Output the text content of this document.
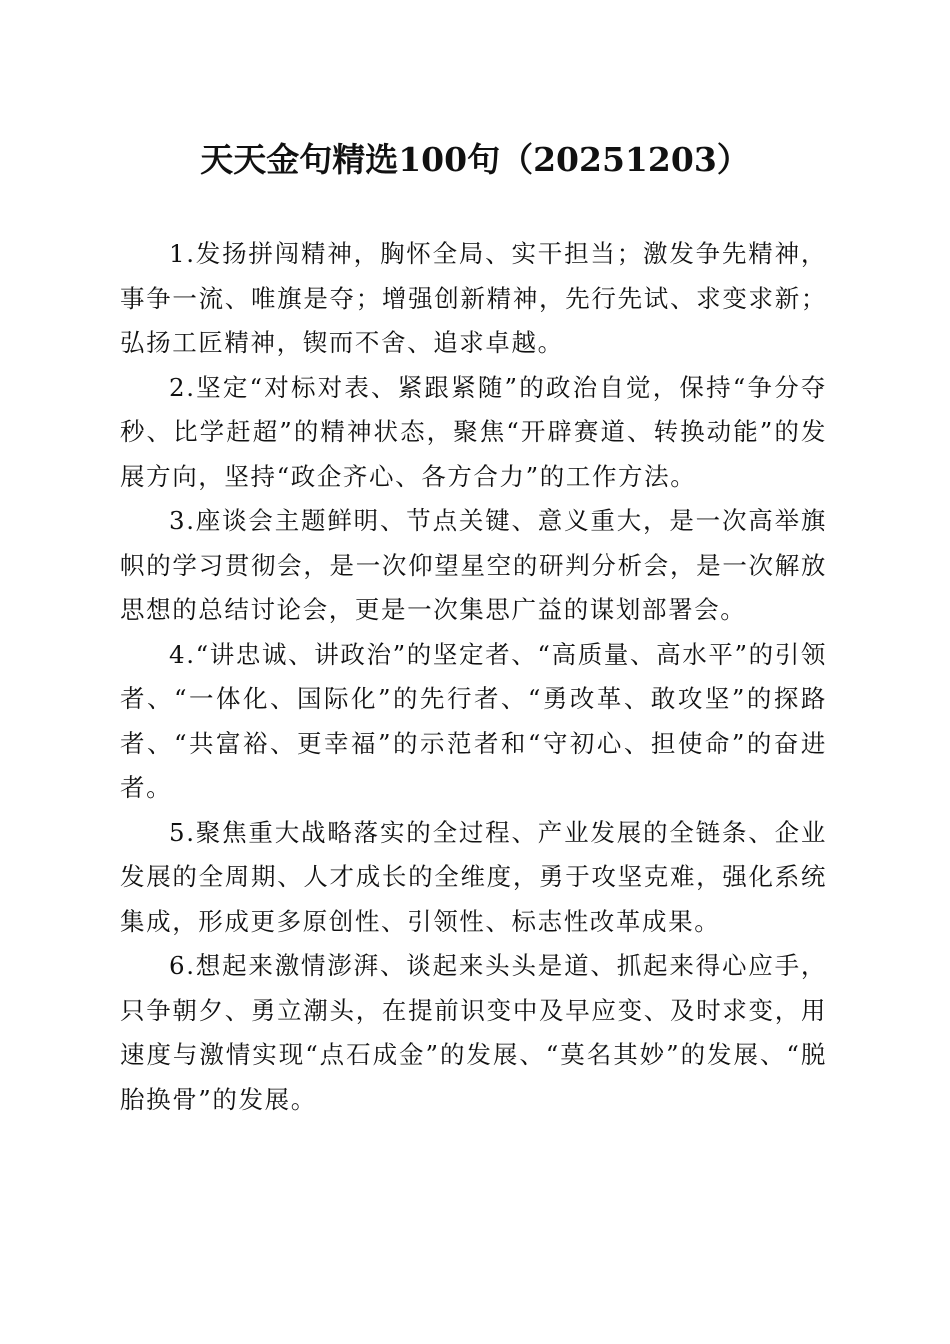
天天金句精选100句（20251203）

1.发扬拼闯精神，胸怀全局、实干担当；激发争先精神，事争一流、唯旗是夺；增强创新精神，先行先试、求变求新；弘扬工匠精神，锲而不舍、追求卓越。

2.坚定“对标对表、紧跟紧随”的政治自觉，保持“争分夺秒、比学赶超”的精神状态，聚焦“开辟赛道、转换动能”的发展方向，坚持“政企齐心、各方合力”的工作方法。

3.座谈会主题鲜明、节点关键、意义重大，是一次高举旗帜的学习贯彻会，是一次仰望星空的研判分析会，是一次解放思想的总结讨论会，更是一次集思广益的谋划部署会。

4.“讲忠诚、讲政治”的坚定者、“高质量、高水平”的引领者、“一体化、国际化”的先行者、“勇改革、敢攻坚”的探路者、“共富裕、更幸福”的示范者和“守初心、担使命”的奋进者。

5.聚焦重大战略落实的全过程、产业发展的全链条、企业发展的全周期、人才成长的全维度，勇于攻坚克难，强化系统集成，形成更多原创性、引领性、标志性改革成果。

6.想起来激情澎湃、谈起来头头是道、抓起来得心应手，只争朝夕、勇立潮头，在提前识变中及早应变、及时求变，用速度与激情实现“点石成金”的发展、“莫名其妙”的发展、“脱胎换骨”的发展。
